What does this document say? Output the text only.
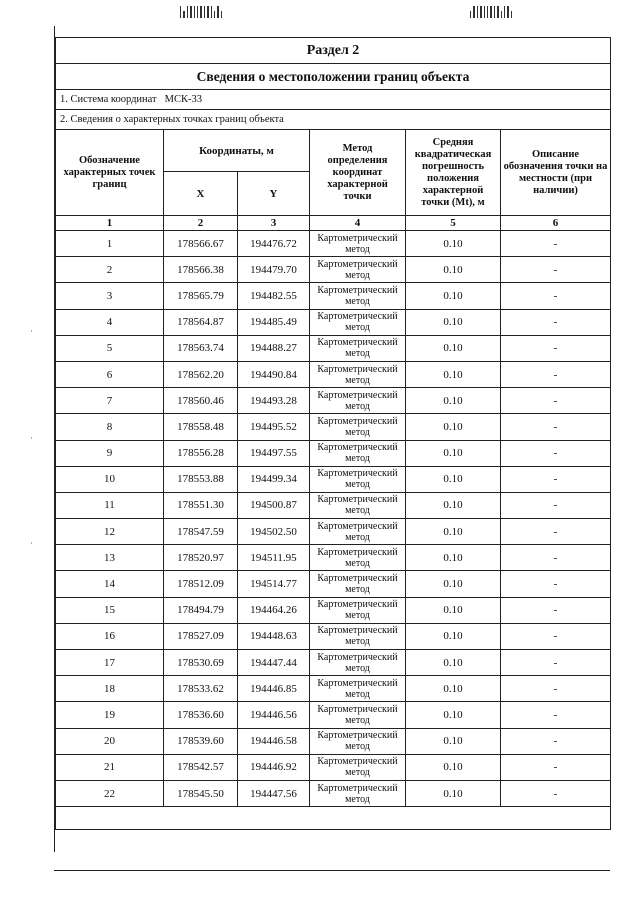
·
·
·
Раздел 2					
Сведения о местоположении границ объекта					
1. Система координат МСК-33					
2. Сведения о характерных точках границ объекта					
Обозначение характерных точек границ	Координаты, м		Метод определения координат характерной точки	Средняя квадратическая погрешность положения характерной точки (Mt), м	Описание обозначения точки на местности (при наличии)
	X	Y			
1	2	3	4	5	6
1	178566.67	194476.72	Картометрический метод	0.10	-
2	178566.38	194479.70	Картометрический метод	0.10	-
3	178565.79	194482.55	Картометрический метод	0.10	-
4	178564.87	194485.49	Картометрический метод	0.10	-
5	178563.74	194488.27	Картометрический метод	0.10	-
6	178562.20	194490.84	Картометрический метод	0.10	-
7	178560.46	194493.28	Картометрический метод	0.10	-
8	178558.48	194495.52	Картометрический метод	0.10	-
9	178556.28	194497.55	Картометрический метод	0.10	-
10	178553.88	194499.34	Картометрический метод	0.10	-
11	178551.30	194500.87	Картометрический метод	0.10	-
12	178547.59	194502.50	Картометрический метод	0.10	-
13	178520.97	194511.95	Картометрический метод	0.10	-
14	178512.09	194514.77	Картометрический метод	0.10	-
15	178494.79	194464.26	Картометрический метод	0.10	-
16	178527.09	194448.63	Картометрический метод	0.10	-
17	178530.69	194447.44	Картометрический метод	0.10	-
18	178533.62	194446.85	Картометрический метод	0.10	-
19	178536.60	194446.56	Картометрический метод	0.10	-
20	178539.60	194446.58	Картометрический метод	0.10	-
21	178542.57	194446.92	Картометрический метод	0.10	-
22	178545.50	194447.56	Картометрический метод	0.10	-
